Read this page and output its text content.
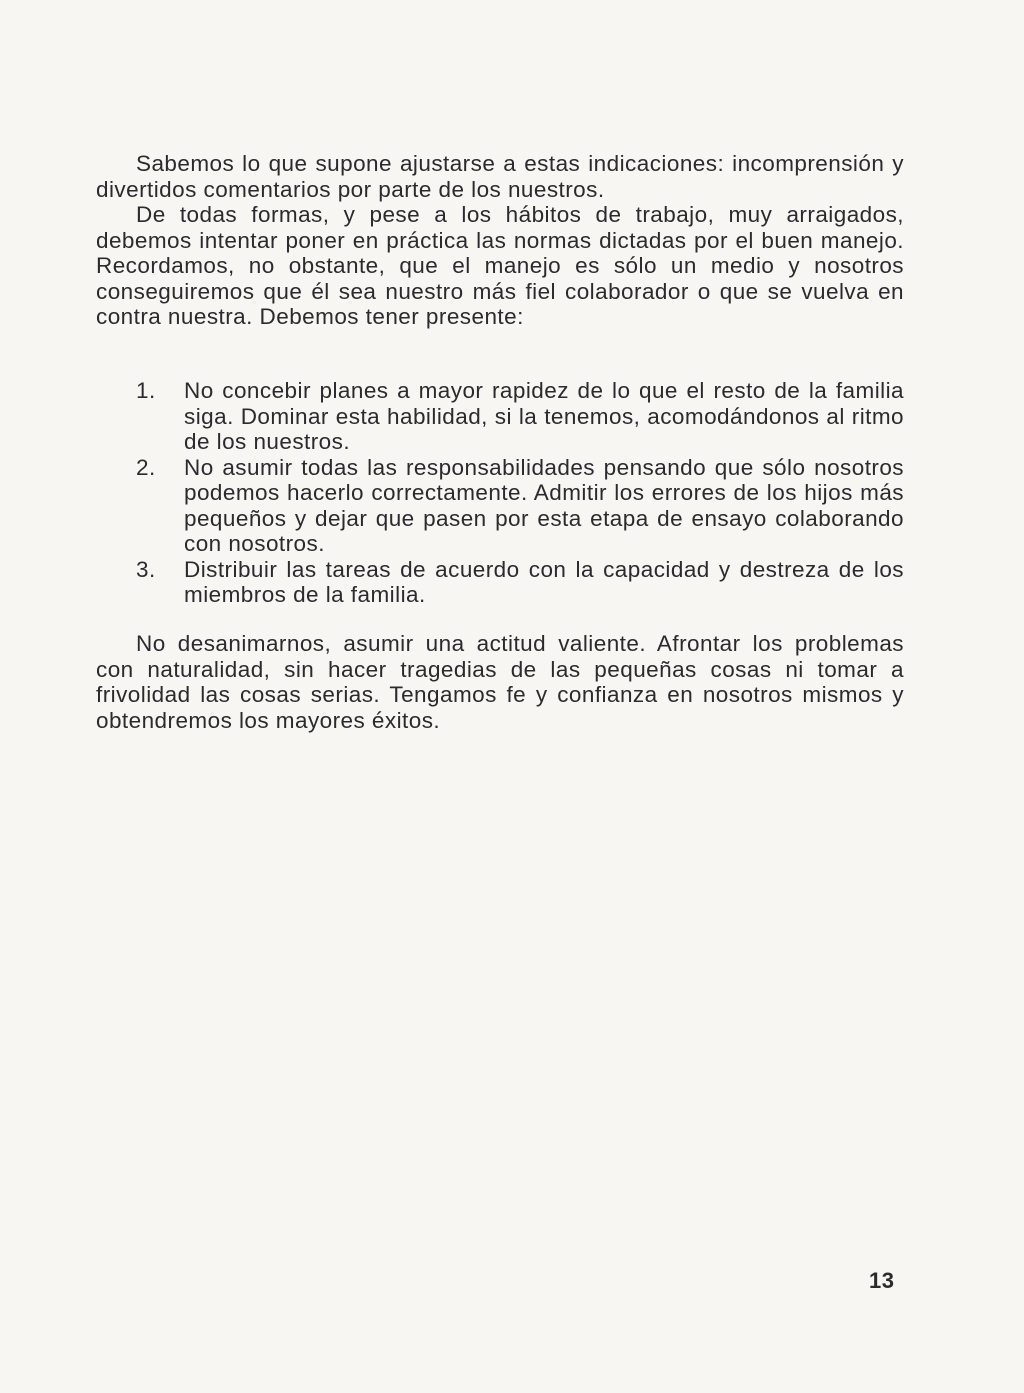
Sabemos lo que supone ajustarse a estas indicaciones: incomprensión y divertidos comentarios por parte de los nuestros.

De todas formas, y pese a los hábitos de trabajo, muy arraigados, debemos intentar poner en práctica las normas dictadas por el buen manejo. Recordamos, no obstante, que el manejo es sólo un medio y nosotros conseguiremos que él sea nuestro más fiel colaborador o que se vuelva en contra nuestra. Debemos tener presente:

1. No concebir planes a mayor rapidez de lo que el resto de la familia siga. Dominar esta habilidad, si la tenemos, acomodándonos al ritmo de los nuestros.
2. No asumir todas las responsabilidades pensando que sólo nosotros podemos hacerlo correctamente. Admitir los errores de los hijos más pequeños y dejar que pasen por esta etapa de ensayo colaborando con nosotros.
3. Distribuir las tareas de acuerdo con la capacidad y destreza de los miembros de la familia.

No desanimarnos, asumir una actitud valiente. Afrontar los problemas con naturalidad, sin hacer tragedias de las pequeñas cosas ni tomar a frivolidad las cosas serias. Tengamos fe y confianza en nosotros mismos y obtendremos los mayores éxitos.

13
